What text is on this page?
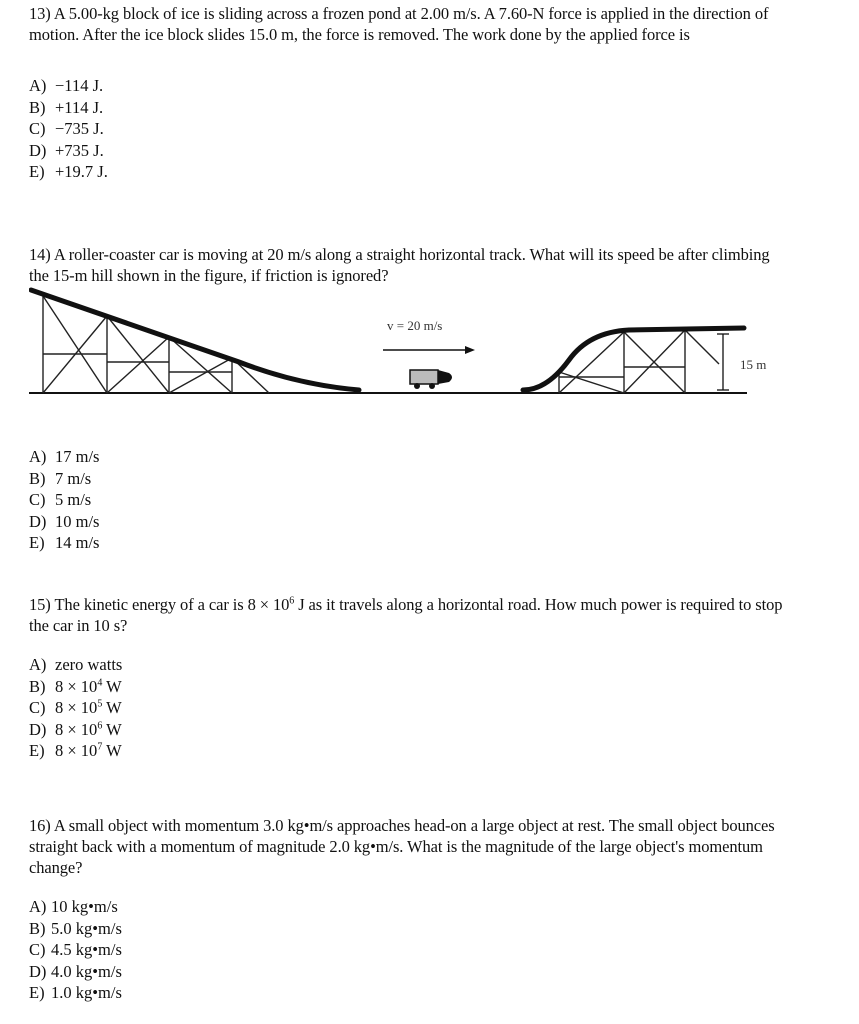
13) A 5.00-kg block of ice is sliding across a frozen pond at 2.00 m/s. A 7.60-N force is applied in the direction of motion. After the ice block slides 15.0 m, the force is removed. The work done by the applied force is

A) −114 J.
B) +114 J.
C) −735 J.
D) +735 J.
E) +19.7 J.

14) A roller-coaster car is moving at 20 m/s along a straight horizontal track. What will its speed be after climbing the 15-m hill shown in the figure, if friction is ignored?

A) 17 m/s
B) 7 m/s
C) 5 m/s
D) 10 m/s
E) 14 m/s
v = 20 m/s
15 m

15) The kinetic energy of a car is $8 \times 10^6$ J as it travels along a horizontal road. How much power is required to stop the car in 10 s?

A) zero watts
B) $8 \times 10^4$ W
C) $8 \times 10^5$ W
D) $8 \times 10^6$ W
E) $8 \times 10^7$ W

16) A small object with momentum 3.0 kg•m/s approaches head-on a large object at rest. The small object bounces straight back with a momentum of magnitude 2.0 kg•m/s. What is the magnitude of the large object's momentum change?

A) 10 kg•m/s
B) 5.0 kg•m/s
C) 4.5 kg•m/s
D) 4.0 kg•m/s
E) 1.0 kg•m/s
